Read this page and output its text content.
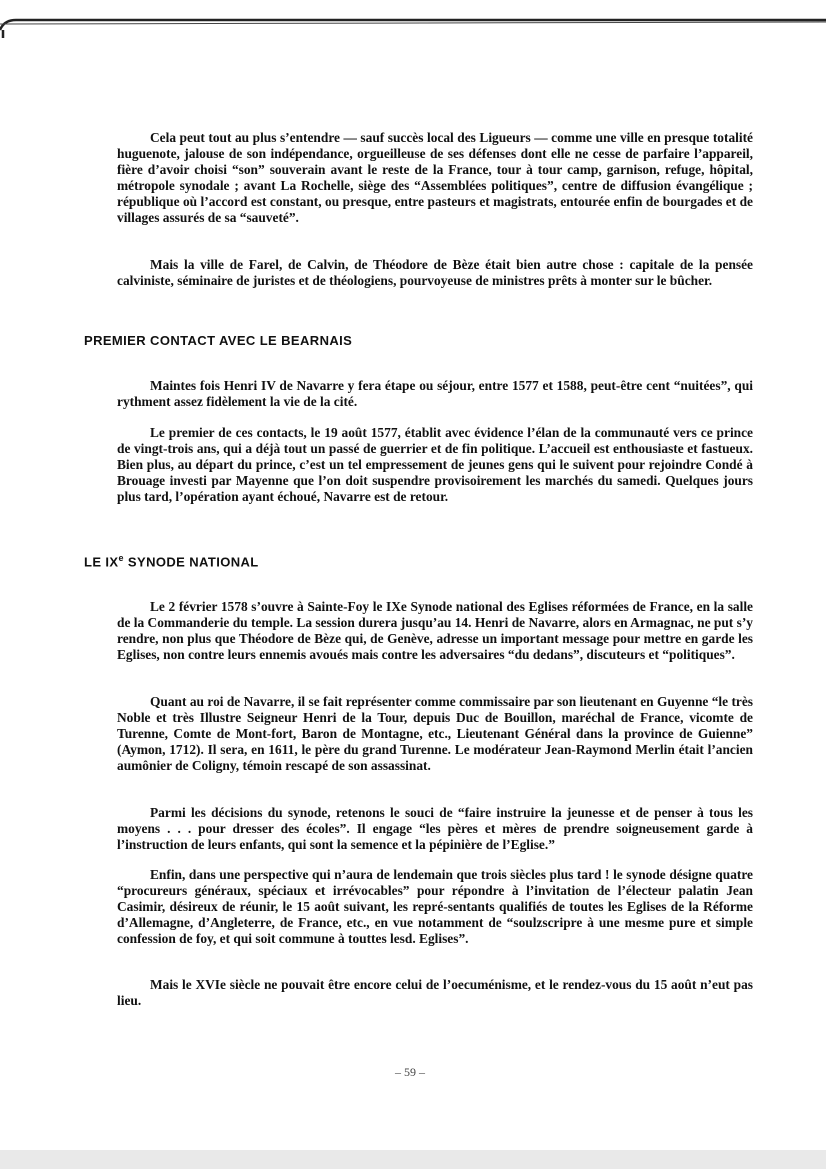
Cela peut tout au plus s’entendre — sauf succès local des Ligueurs — comme une ville en presque totalité huguenote, jalouse de son indépendance, orgueilleuse de ses défenses dont elle ne cesse de parfaire l’appareil, fière d’avoir choisi “son” souverain avant le reste de la France, tour à tour camp, garnison, refuge, hôpital, métropole synodale ; avant La Rochelle, siège des “Assemblées politiques”, centre de diffusion évangélique ; république où l’accord est constant, ou presque, entre pasteurs et magistrats, entourée enfin de bourgades et de villages assurés de sa “sauveté”.

Mais la ville de Farel, de Calvin, de Théodore de Bèze était bien autre chose : capitale de la pensée calviniste, séminaire de juristes et de théologiens, pourvoyeuse de ministres prêts à monter sur le bûcher.

PREMIER CONTACT AVEC LE BEARNAIS

Maintes fois Henri IV de Navarre y fera étape ou séjour, entre 1577 et 1588, peut-être cent “nuitées”, qui rythment assez fidèlement la vie de la cité.

Le premier de ces contacts, le 19 août 1577, établit avec évidence l’élan de la communauté vers ce prince de vingt-trois ans, qui a déjà tout un passé de guerrier et de fin politique. L’accueil est enthousiaste et fastueux. Bien plus, au départ du prince, c’est un tel empressement de jeunes gens qui le suivent pour rejoindre Condé à Brouage investi par Mayenne que l’on doit suspendre provisoirement les marchés du samedi. Quelques jours plus tard, l’opération ayant échoué, Navarre est de retour.

LE IXe SYNODE NATIONAL

Le 2 février 1578 s’ouvre à Sainte-Foy le IXe Synode national des Eglises réformées de France, en la salle de la Commanderie du temple. La session durera jusqu’au 14. Henri de Navarre, alors en Armagnac, ne put s’y rendre, non plus que Théodore de Bèze qui, de Genève, adresse un important message pour mettre en garde les Eglises, non contre leurs ennemis avoués mais contre les adversaires “du dedans”, discuteurs et “politiques”.

Quant au roi de Navarre, il se fait représenter comme commissaire par son lieutenant en Guyenne “le très Noble et très Illustre Seigneur Henri de la Tour, depuis Duc de Bouillon, maréchal de France, vicomte de Turenne, Comte de Mont-fort, Baron de Montagne, etc., Lieutenant Général dans la province de Guienne” (Aymon, 1712). Il sera, en 1611, le père du grand Turenne. Le modérateur Jean-Raymond Merlin était l’ancien aumônier de Coligny, témoin rescapé de son assassinat.

Parmi les décisions du synode, retenons le souci de “faire instruire la jeunesse et de penser à tous les moyens . . . pour dresser des écoles”. Il engage “les pères et mères de prendre soigneusement garde à l’instruction de leurs enfants, qui sont la semence et la pépinière de l’Eglise.”

Enfin, dans une perspective qui n’aura de lendemain que trois siècles plus tard ! le synode désigne quatre “procureurs généraux, spéciaux et irrévocables” pour répondre à l’invitation de l’électeur palatin Jean Casimir, désireux de réunir, le 15 août suivant, les repré-sentants qualifiés de toutes les Eglises de la Réforme d’Allemagne, d’Angleterre, de France, etc., en vue notamment de “soulzscripre à une mesme pure et simple confession de foy, et qui soit commune à touttes lesd. Eglises”.

Mais le XVIe siècle ne pouvait être encore celui de l’oecuménisme, et le rendez-vous du 15 août n’eut pas lieu.

– 59 –
